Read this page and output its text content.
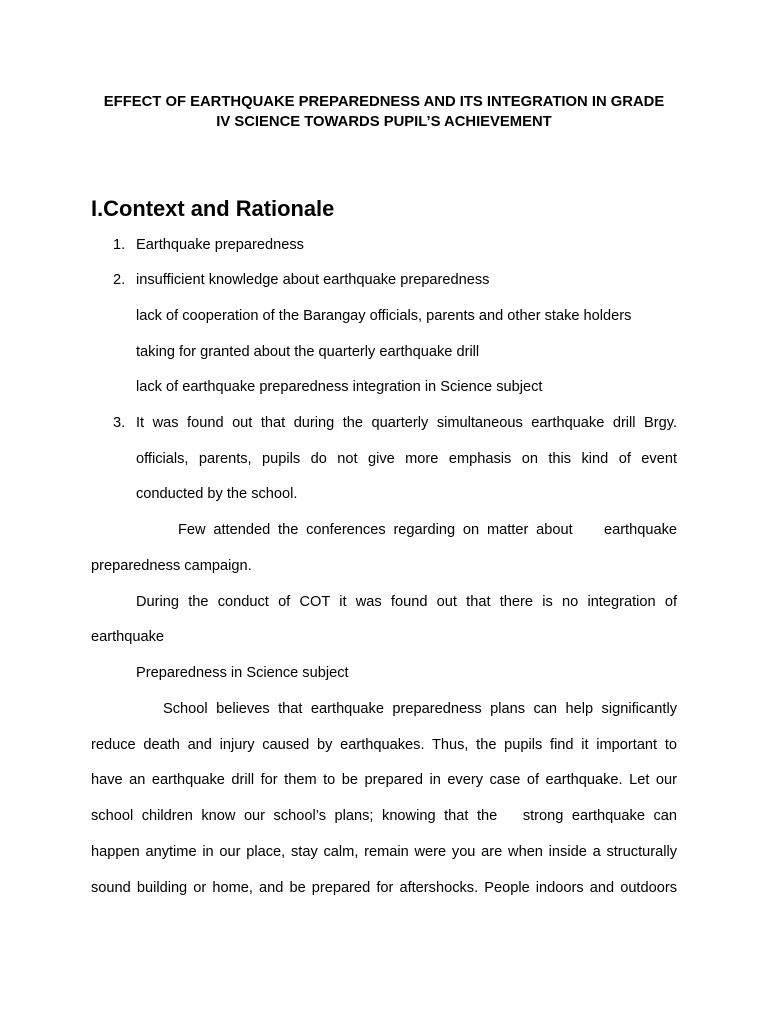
EFFECT OF EARTHQUAKE PREPAREDNESS AND ITS INTEGRATION IN GRADE
IV SCIENCE TOWARDS PUPIL’S ACHIEVEMENT
I.Context and Rationale
1. Earthquake preparedness
2. insufficient knowledge about earthquake preparedness
lack of cooperation of the Barangay officials, parents and other stake holders
taking for granted about the quarterly earthquake drill
lack of earthquake preparedness integration in Science subject
3. It was found out that during the quarterly simultaneous earthquake drill Brgy.
officials, parents, pupils do not give more emphasis on this kind of event
conducted by the school.
Few attended the conferences regarding on matter about    earthquake
preparedness campaign.
During the conduct of COT it was found out that there is no integration of
earthquake
Preparedness in Science subject
School believes that earthquake preparedness plans can help significantly
reduce death and injury caused by earthquakes. Thus, the pupils find it important to
have an earthquake drill for them to be prepared in every case of earthquake. Let our
school children know our school’s plans; knowing that the   strong earthquake can
happen anytime in our place, stay calm, remain were you are when inside a structurally
sound building or home, and be prepared for aftershocks. People indoors and outdoors
